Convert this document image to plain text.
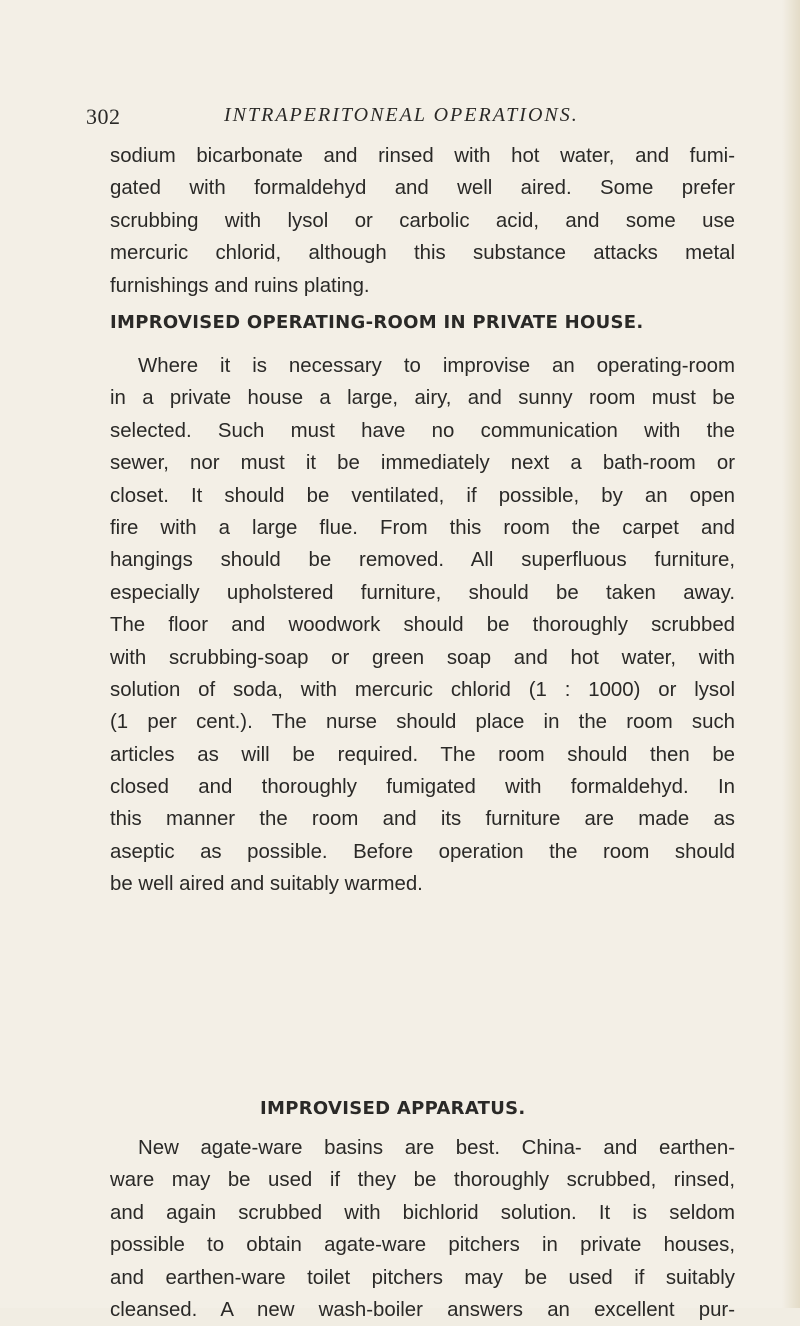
302	INTRAPERITONEAL OPERATIONS.
sodium bicarbonate and rinsed with hot water, and fumi-
gated with formaldehyd and well aired. Some prefer
scrubbing with lysol or carbolic acid, and some use
mercuric chlorid, although this substance attacks metal
furnishings and ruins plating.
IMPROVISED OPERATING-ROOM IN PRIVATE HOUSE.
Where it is necessary to improvise an operating-room
in a private house a large, airy, and sunny room must be
selected. Such must have no communication with the
sewer, nor must it be immediately next a bath-room or
closet. It should be ventilated, if possible, by an open
fire with a large flue. From this room the carpet and
hangings should be removed. All superfluous furniture,
especially upholstered furniture, should be taken away.
The floor and woodwork should be thoroughly scrubbed
with scrubbing-soap or green soap and hot water, with
solution of soda, with mercuric chlorid (1 : 1000) or lysol
(1 per cent.). The nurse should place in the room such
articles as will be required. The room should then be
closed and thoroughly fumigated with formaldehyd. In
this manner the room and its furniture are made as
aseptic as possible. Before operation the room should
be well aired and suitably warmed.
IMPROVISED APPARATUS.
New agate-ware basins are best. China- and earthen-
ware may be used if they be thoroughly scrubbed, rinsed,
and again scrubbed with bichlorid solution. It is seldom
possible to obtain agate-ware pitchers in private houses,
and earthen-ware toilet pitchers may be used if suitably
cleansed. A new wash-boiler answers an excellent pur-
